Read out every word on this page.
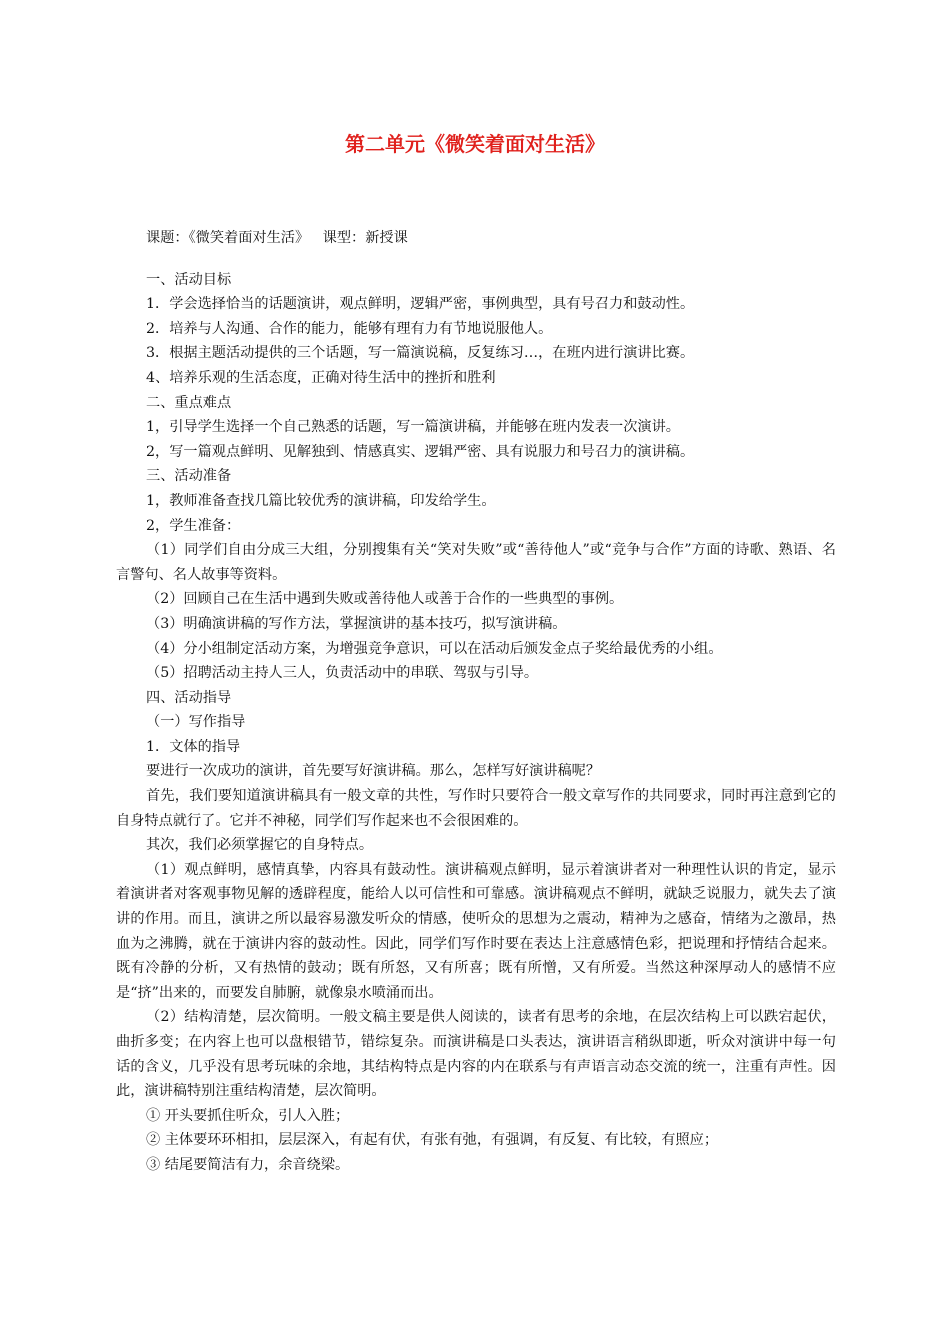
第二单元《微笑着面对生活》
课题：《微笑着面对生活》   课型：新授课
一、活动目标
1．学会选择恰当的话题演讲，观点鲜明，逻辑严密，事例典型，具有号召力和鼓动性。
2．培养与人沟通、合作的能力，能够有理有力有节地说服他人。
3．根据主题活动提供的三个话题，写一篇演说稿，反复练习…，在班内进行演讲比赛。
4、培养乐观的生活态度，正确对待生活中的挫折和胜利
二、重点难点
1，引导学生选择一个自己熟悉的话题，写一篇演讲稿，并能够在班内发表一次演讲。
2，写一篇观点鲜明、见解独到、情感真实、逻辑严密、具有说服力和号召力的演讲稿。
三、活动准备
1，教师准备查找几篇比较优秀的演讲稿，印发给学生。
2，学生准备：
（1）同学们自由分成三大组，分别搜集有关“笑对失败”或“善待他人”或“竞争与合作”方面的诗歌、熟语、名言警句、名人故事等资料。
（2）回顾自己在生活中遇到失败或善待他人或善于合作的一些典型的事例。
（3）明确演讲稿的写作方法，掌握演讲的基本技巧，拟写演讲稿。
（4）分小组制定活动方案，为增强竞争意识，可以在活动后颁发金点子奖给最优秀的小组。
（5）招聘活动主持人三人，负责活动中的串联、驾驭与引导。
四、活动指导
（一）写作指导
1．文体的指导
要进行一次成功的演讲，首先要写好演讲稿。那么，怎样写好演讲稿呢？
首先，我们要知道演讲稿具有一般文章的共性，写作时只要符合一般文章写作的共同要求，同时再注意到它的自身特点就行了。它并不神秘，同学们写作起来也不会很困难的。
其次，我们必须掌握它的自身特点。
（1）观点鲜明，感情真挚，内容具有鼓动性。演讲稿观点鲜明，显示着演讲者对一种理性认识的肯定，显示着演讲者对客观事物见解的透辟程度，能给人以可信性和可靠感。演讲稿观点不鲜明，就缺乏说服力，就失去了演讲的作用。而且，演讲之所以最容易激发听众的情感，使听众的思想为之震动，精神为之感奋，情绪为之激昂，热血为之沸腾，就在于演讲内容的鼓动性。因此，同学们写作时要在表达上注意感情色彩，把说理和抒情结合起来。既有冷静的分析，又有热情的鼓动；既有所怒，又有所喜；既有所憎，又有所爱。当然这种深厚动人的感情不应是“挤”出来的，而要发自肺腑，就像泉水喷涌而出。
（2）结构清楚，层次简明。一般文稿主要是供人阅读的，读者有思考的余地，在层次结构上可以跌宕起伏，曲折多变；在内容上也可以盘根错节，错综复杂。而演讲稿是口头表达，演讲语言稍纵即逝，听众对演讲中每一句话的含义，几乎没有思考玩味的余地，其结构特点是内容的内在联系与有声语言动态交流的统一，注重有声性。因此，演讲稿特别注重结构清楚，层次简明。
① 开头要抓住听众，引人入胜；
② 主体要环环相扣，层层深入，有起有伏，有张有弛，有强调，有反复、有比较，有照应；
③ 结尾要简洁有力，余音绕梁。
